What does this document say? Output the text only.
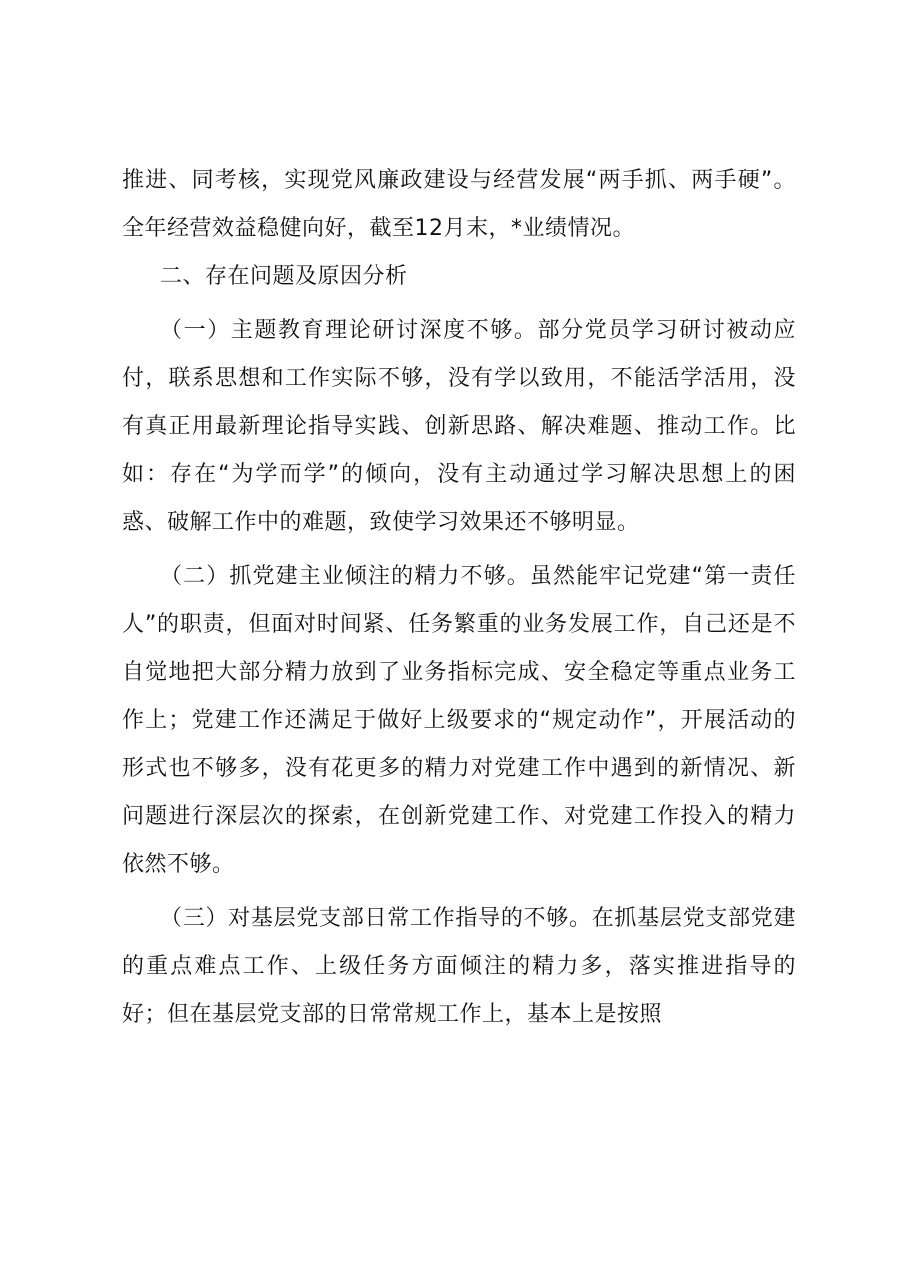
推进、同考核，实现党风廉政建设与经营发展“两手抓、两手硬”。全年经营效益稳健向好，截至12月末，*业绩情况。

二、存在问题及原因分析

（一）主题教育理论研讨深度不够。部分党员学习研讨被动应付，联系思想和工作实际不够，没有学以致用，不能活学活用，没有真正用最新理论指导实践、创新思路、解决难题、推动工作。比如：存在“为学而学”的倾向，没有主动通过学习解决思想上的困惑、破解工作中的难题，致使学习效果还不够明显。

（二）抓党建主业倾注的精力不够。虽然能牢记党建“第一责任人”的职责，但面对时间紧、任务繁重的业务发展工作，自己还是不自觉地把大部分精力放到了业务指标完成、安全稳定等重点业务工作上；党建工作还满足于做好上级要求的“规定动作”，开展活动的形式也不够多，没有花更多的精力对党建工作中遇到的新情况、新问题进行深层次的探索，在创新党建工作、对党建工作投入的精力依然不够。

（三）对基层党支部日常工作指导的不够。在抓基层党支部党建的重点难点工作、上级任务方面倾注的精力多，落实推进指导的好；但在基层党支部的日常常规工作上，基本上是按照
